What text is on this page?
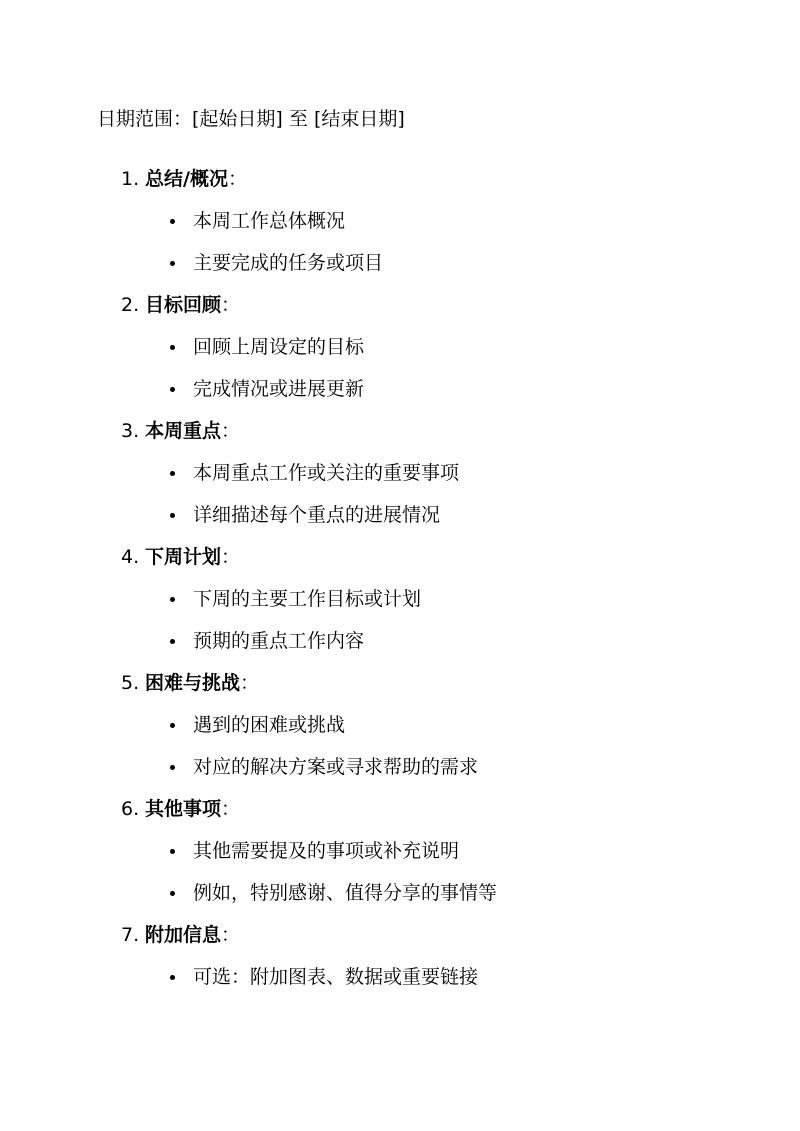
日期范围：[起始日期] 至 [结束日期]
1. 总结/概况：
本周工作总体概况
主要完成的任务或项目
2. 目标回顾：
回顾上周设定的目标
完成情况或进展更新
3. 本周重点：
本周重点工作或关注的重要事项
详细描述每个重点的进展情况
4. 下周计划：
下周的主要工作目标或计划
预期的重点工作内容
5. 困难与挑战：
遇到的困难或挑战
对应的解决方案或寻求帮助的需求
6. 其他事项：
其他需要提及的事项或补充说明
例如，特别感谢、值得分享的事情等
7. 附加信息：
可选：附加图表、数据或重要链接
